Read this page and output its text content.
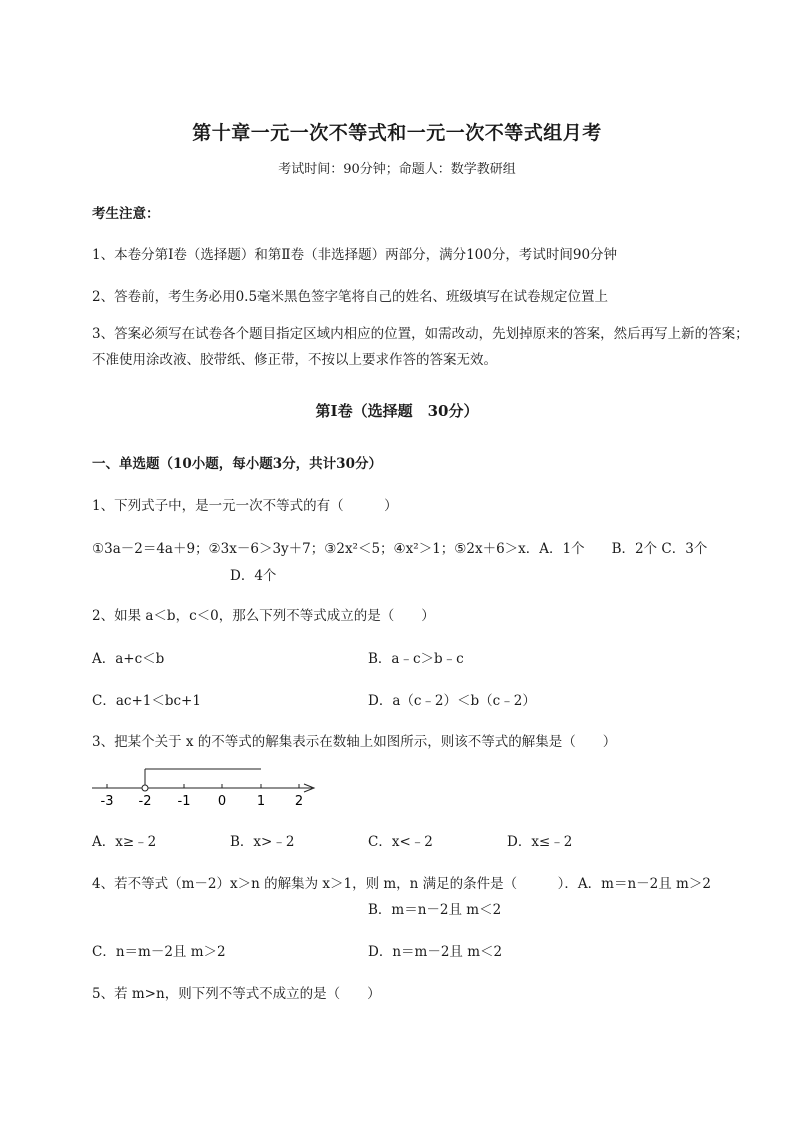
第十章一元一次不等式和一元一次不等式组月考
考试时间：90分钟；命题人：数学教研组
考生注意：
1、本卷分第I卷（选择题）和第Ⅱ卷（非选择题）两部分，满分100分，考试时间90分钟
2、答卷前，考生务必用0.5毫米黑色签字笔将自己的姓名、班级填写在试卷规定位置上
3、答案必须写在试卷各个题目指定区域内相应的位置，如需改动，先划掉原来的答案，然后再写上新的答案；不准使用涂改液、胶带纸、修正带，不按以上要求作答的答案无效。
第I卷（选择题　30分）
一、单选题（10小题，每小题3分，共计30分）
1、下列式子中，是一元一次不等式的有（　　　）
①3a－2＝4a＋9；②3x－6＞3y＋7；③2x²＜5；④x²＞1；⑤2x＋6＞x．A．1个　　B．2个 C．3个
D．4个
2、如果 a＜b，c＜0，那么下列不等式成立的是（　　）
A．a+c＜b	B．a﹣c＞b﹣c
C．ac+1＜bc+1	D．a（c﹣2）＜b（c﹣2）
3、把某个关于 x 的不等式的解集表示在数轴上如图所示，则该不等式的解集是（　　）
-3 -2 -1 0 1 2
A．x≥﹣2	B．x>﹣2	C．x<﹣2	D．x≤﹣2
4、若不等式（m－2）x＞n 的解集为 x＞1，则 m，n 满足的条件是（　　　）．A．m＝n－2且 m＞2
B．m＝n－2且 m＜2
C．n＝m－2且 m＞2	D．n＝m－2且 m＜2
5、若 m>n，则下列不等式不成立的是（　　）
